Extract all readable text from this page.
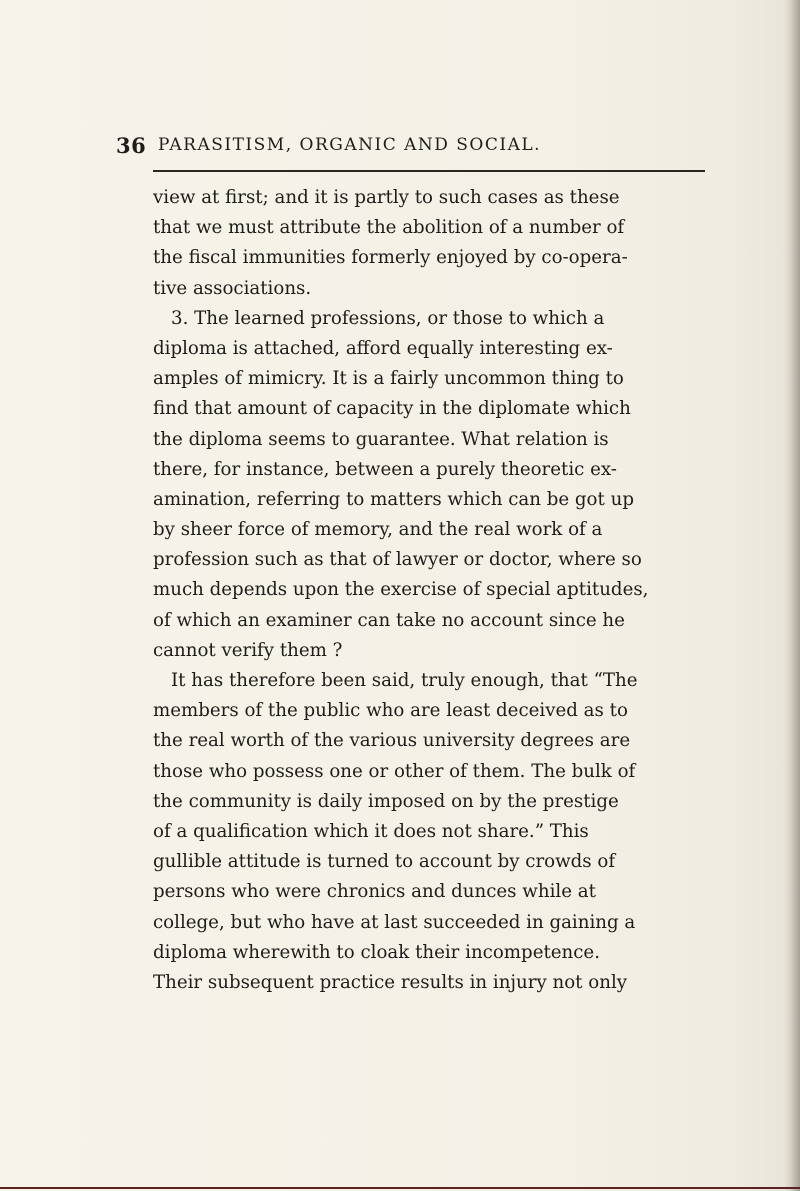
36 PARASITISM, ORGANIC AND SOCIAL.
view at first; and it is partly to such cases as these
that we must attribute the abolition of a number of
the fiscal immunities formerly enjoyed by co-opera-
tive associations.
3. The learned professions, or those to which a
diploma is attached, afford equally interesting ex-
amples of mimicry. It is a fairly uncommon thing to
find that amount of capacity in the diplomate which
the diploma seems to guarantee. What relation is
there, for instance, between a purely theoretic ex-
amination, referring to matters which can be got up
by sheer force of memory, and the real work of a
profession such as that of lawyer or doctor, where so
much depends upon the exercise of special aptitudes,
of which an examiner can take no account since he
cannot verify them ?
It has therefore been said, truly enough, that “The
members of the public who are least deceived as to
the real worth of the various university degrees are
those who possess one or other of them. The bulk of
the community is daily imposed on by the prestige
of a qualification which it does not share.” This
gullible attitude is turned to account by crowds of
persons who were chronics and dunces while at
college, but who have at last succeeded in gaining a
diploma wherewith to cloak their incompetence.
Their subsequent practice results in injury not only
